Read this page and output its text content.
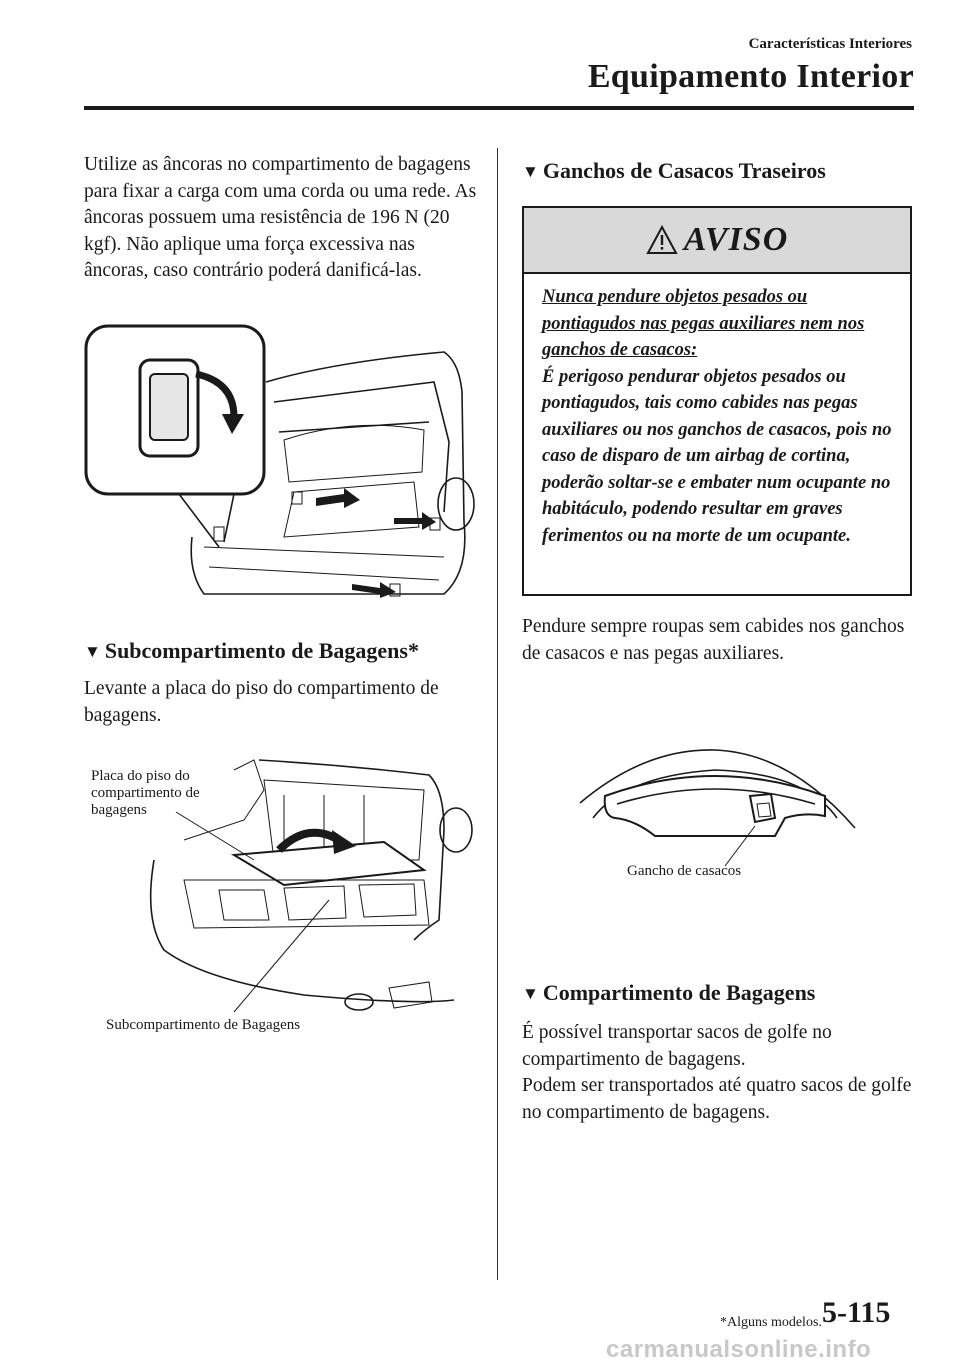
Características Interiores
Equipamento Interior
Utilize as âncoras no compartimento de bagagens para fixar a carga com uma corda ou uma rede. As âncoras possuem uma resistência de 196 N (20 kgf). Não aplique uma força excessiva nas âncoras, caso contrário poderá danificá-las.
▼ Subcompartimento de Bagagens*
Levante a placa do piso do compartimento de bagagens.
Placa do piso do compartimento de bagagens
Subcompartimento de Bagagens
▼ Ganchos de Casacos Traseiros
AVISO
Nunca pendure objetos pesados ou pontiagudos nas pegas auxiliares nem nos ganchos de casacos:
É perigoso pendurar objetos pesados ou pontiagudos, tais como cabides nas pegas auxiliares ou nos ganchos de casacos, pois no caso de disparo de um airbag de cortina, poderão soltar-se e embater num ocupante no habitáculo, podendo resultar em graves ferimentos ou na morte de um ocupante.
Pendure sempre roupas sem cabides nos ganchos de casacos e nas pegas auxiliares.
Gancho de casacos
▼ Compartimento de Bagagens
É possível transportar sacos de golfe no compartimento de bagagens.
Podem ser transportados até quatro sacos de golfe no compartimento de bagagens.
*Alguns modelos. 5-115
carmanualsonline.info
